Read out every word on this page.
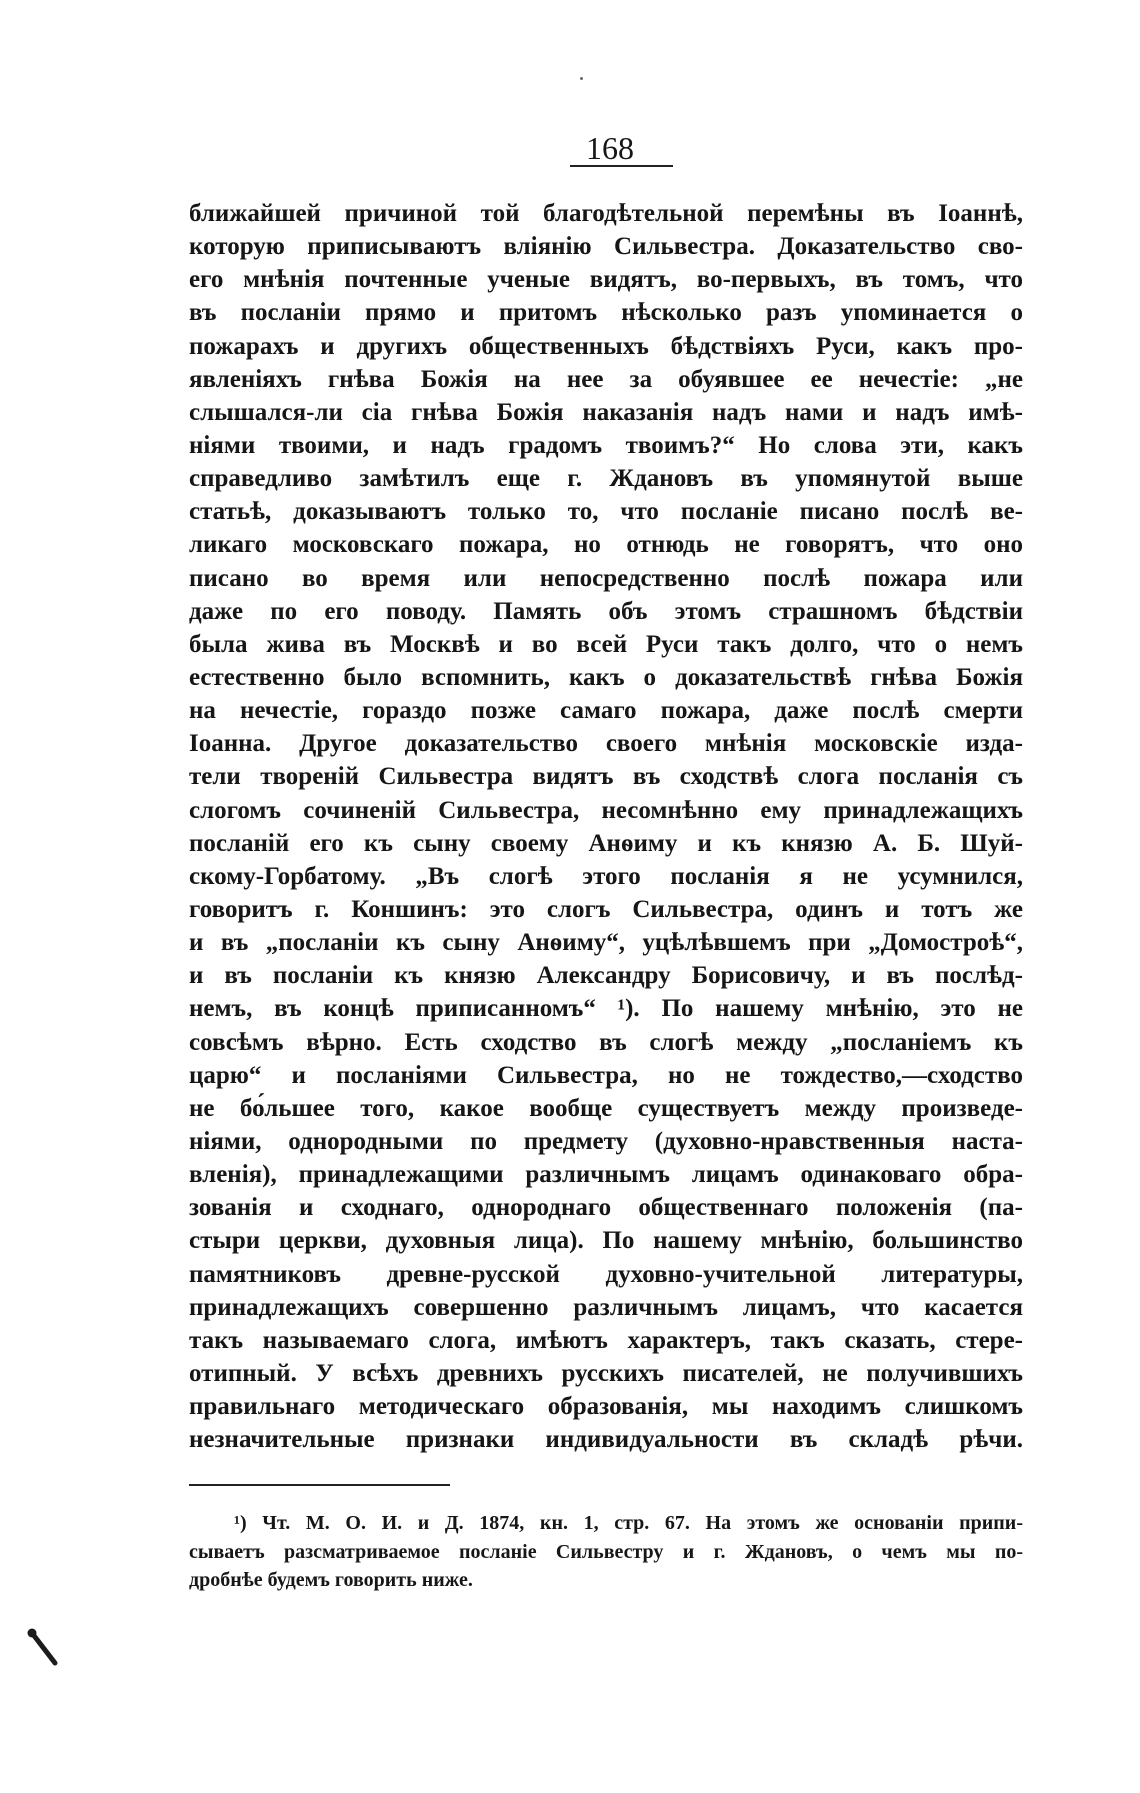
168
ближайшей причиной той благодѣтельной перемѣны въ Іоаннѣ,
которую приписываютъ вліянію Сильвестра. Доказательство сво-
его мнѣнія почтенные ученые видятъ, во-первыхъ, въ томъ, что
въ посланіи прямо и притомъ нѣсколько разъ упоминается о
пожарахъ и другихъ общественныхъ бѣдствіяхъ Руси, какъ про-
явленіяхъ гнѣва Божія на нее за обуявшее ее нечестіе: „не
слышался-ли сіа гнѣва Божія наказанія надъ нами и надъ имѣ-
ніями твоими, и надъ градомъ твоимъ?“ Но слова эти, какъ
справедливо замѣтилъ еще г. Ждановъ въ упомянутой выше
статьѣ, доказываютъ только то, что посланіе писано послѣ ве-
ликаго московскаго пожара, но отнюдь не говорятъ, что оно
писано во время или непосредственно послѣ пожара или
даже по его поводу. Память объ этомъ страшномъ бѣдствіи
была жива въ Москвѣ и во всей Руси такъ долго, что о немъ
естественно было вспомнить, какъ о доказательствѣ гнѣва Божія
на нечестіе, гораздо позже самаго пожара, даже послѣ смерти
Іоанна. Другое доказательство своего мнѣнія московскіе изда-
тели твореній Сильвестра видятъ въ сходствѣ слога посланія съ
слогомъ сочиненій Сильвестра, несомнѣнно ему принадлежащихъ
посланій его къ сыну своему Анѳиму и къ князю А. Б. Шуй-
скому-Горбатому. „Въ слогѣ этого посланія я не усумнился,
говоритъ г. Коншинъ: это слогъ Сильвестра, одинъ и тотъ же
и въ „посланіи къ сыну Анѳиму“, уцѣлѣвшемъ при „Домостроѣ“,
и въ посланіи къ князю Александру Борисовичу, и въ послѣд-
немъ, въ концѣ приписанномъ“ ¹). По нашему мнѣнію, это не
совсѣмъ вѣрно. Есть сходство въ слогѣ между „посланіемъ къ
царю“ и посланіями Сильвестра, но не тождество,—сходство
не бо́льшее того, какое вообще существуетъ между произведе-
ніями, однородными по предмету (духовно-нравственныя наста-
вленія), принадлежащими различнымъ лицамъ одинаковаго обра-
зованія и сходнаго, однороднаго общественнаго положенія (па-
стыри церкви, духовныя лица). По нашему мнѣнію, большинство
памятниковъ древне-русской духовно-учительной литературы,
принадлежащихъ совершенно различнымъ лицамъ, что касается
такъ называемаго слога, имѣютъ характеръ, такъ сказать, стере-
отипный. У всѣхъ древнихъ русскихъ писателей, не получившихъ
правильнаго методическаго образованія, мы находимъ слишкомъ
незначительные признаки индивидуальности въ складѣ рѣчи.
¹) Чт. М. О. И. и Д. 1874, кн. 1, стр. 67. На этомъ же основаніи припи-
сываетъ разсматриваемое посланіе Сильвестру и г. Ждановъ, о чемъ мы по-
дробнѣе будемъ говорить ниже.
